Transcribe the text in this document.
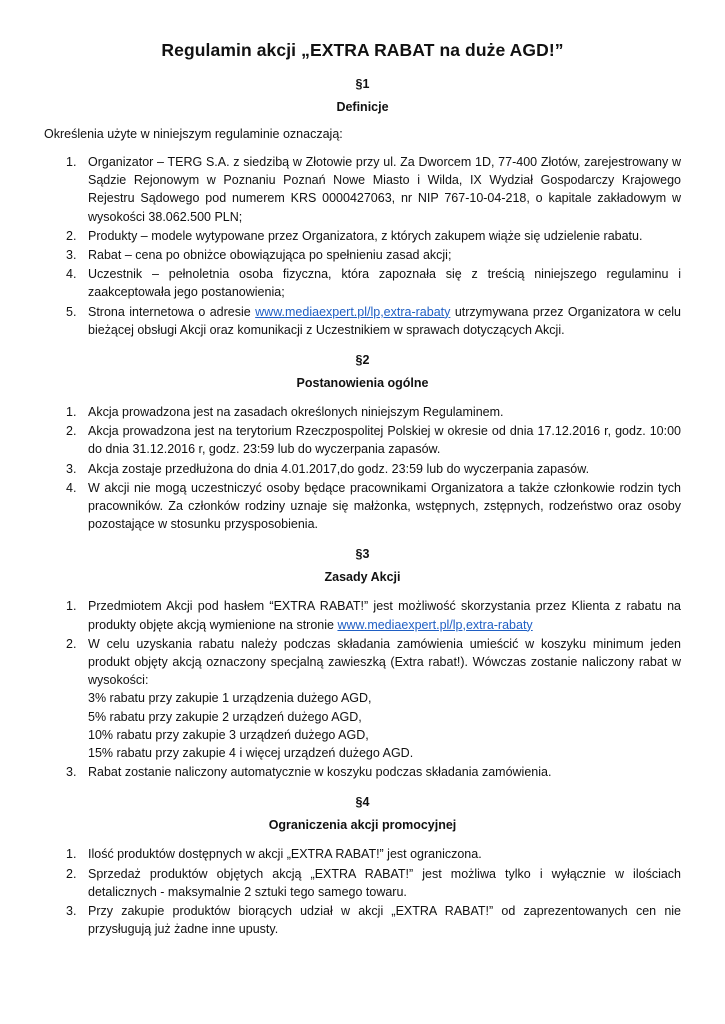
Regulamin akcji „EXTRA RABAT na duże AGD!”
§1
Definicje

Określenia użyte w niniejszym regulaminie oznaczają:

1. Organizator – TERG S.A. z siedzibą w Złotowie przy ul. Za Dworcem 1D, 77-400 Złotów, zarejestrowany w Sądzie Rejonowym w Poznaniu Poznań Nowe Miasto i Wilda, IX Wydział Gospodarczy Krajowego Rejestru Sądowego pod numerem KRS 0000427063, nr NIP 767-10-04-218, o kapitale zakładowym w wysokości 38.062.500 PLN;
2. Produkty – modele wytypowane przez Organizatora, z których zakupem wiąże się udzielenie rabatu.
3. Rabat – cena po obniżce obowiązująca po spełnieniu zasad akcji;
4. Uczestnik – pełnoletnia osoba fizyczna, która zapoznała się z treścią niniejszego regulaminu i zaakceptowała jego postanowienia;
5. Strona internetowa o adresie www.mediaexpert.pl/lp,extra-rabaty utrzymywana przez Organizatora w celu bieżącej obsługi Akcji oraz komunikacji z Uczestnikiem w sprawach dotyczących Akcji.
§2
Postanowienia ogólne
1. Akcja prowadzona jest na zasadach określonych niniejszym Regulaminem.
2. Akcja prowadzona jest na terytorium Rzeczpospolitej Polskiej w okresie od dnia 17.12.2016 r, godz. 10:00 do dnia 31.12.2016 r, godz. 23:59 lub do wyczerpania zapasów.
3. Akcja zostaje przedłużona do dnia 4.01.2017,do godz. 23:59 lub do wyczerpania zapasów.
4. W akcji nie mogą uczestniczyć osoby będące pracownikami Organizatora a także członkowie rodzin tych pracowników. Za członków rodziny uznaje się małżonka, wstępnych, zstępnych, rodzeństwo oraz osoby pozostające w stosunku przysposobienia.
§3
Zasady Akcji
1. Przedmiotem Akcji pod hasłem “EXTRA RABAT!” jest możliwość skorzystania przez Klienta z rabatu na produkty objęte akcją wymienione na stronie www.mediaexpert.pl/lp,extra-rabaty
2. W celu uzyskania rabatu należy podczas składania zamówienia umieścić w koszyku minimum jeden produkt objęty akcją oznaczony specjalną zawieszką (Extra rabat!). Wówczas zostanie naliczony rabat w wysokości:
3% rabatu przy zakupie 1 urządzenia dużego AGD,
5% rabatu przy zakupie 2 urządzeń dużego AGD,
10% rabatu przy zakupie 3 urządzeń dużego AGD,
15% rabatu przy zakupie 4 i więcej urządzeń dużego AGD.
3. Rabat zostanie naliczony automatycznie w koszyku podczas składania zamówienia.
§4
Ograniczenia akcji promocyjnej
1. Ilość produktów dostępnych w akcji „EXTRA RABAT!” jest ograniczona.
2. Sprzedaż produktów objętych akcją „EXTRA RABAT!” jest możliwa tylko i wyłącznie w ilościach detalicznych - maksymalnie 2 sztuki tego samego towaru.
3. Przy zakupie produktów biorących udział w akcji „EXTRA RABAT!” od zaprezentowanych cen nie przysługują już żadne inne upusty.
